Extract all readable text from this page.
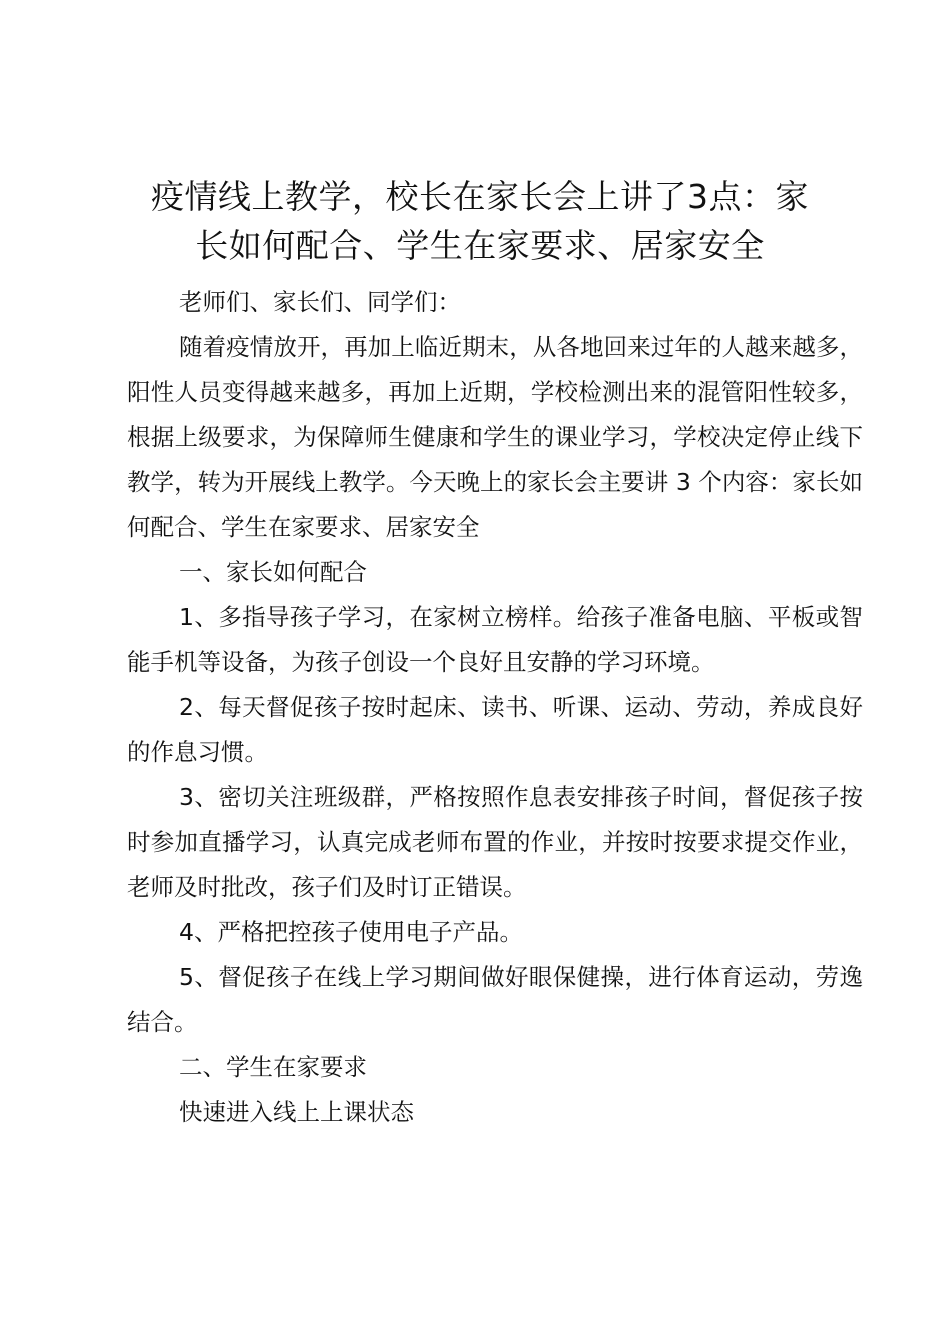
疫情线上教学，校长在家长会上讲了3点：家
长如何配合、学生在家要求、居家安全

老师们、家长们、同学们：

随着疫情放开，再加上临近期末，从各地回来过年的人越来越多，阳性人员变得越来越多，再加上近期，学校检测出来的混管阳性较多，根据上级要求，为保障师生健康和学生的课业学习，学校决定停止线下教学，转为开展线上教学。今天晚上的家长会主要讲 3 个内容：家长如何配合、学生在家要求、居家安全

一、家长如何配合

1、多指导孩子学习，在家树立榜样。给孩子准备电脑、平板或智能手机等设备，为孩子创设一个良好且安静的学习环境。

2、每天督促孩子按时起床、读书、听课、运动、劳动，养成良好的作息习惯。

3、密切关注班级群，严格按照作息表安排孩子时间，督促孩子按时参加直播学习，认真完成老师布置的作业，并按时按要求提交作业，老师及时批改，孩子们及时订正错误。

4、严格把控孩子使用电子产品。

5、督促孩子在线上学习期间做好眼保健操，进行体育运动，劳逸结合。

二、学生在家要求

快速进入线上上课状态
